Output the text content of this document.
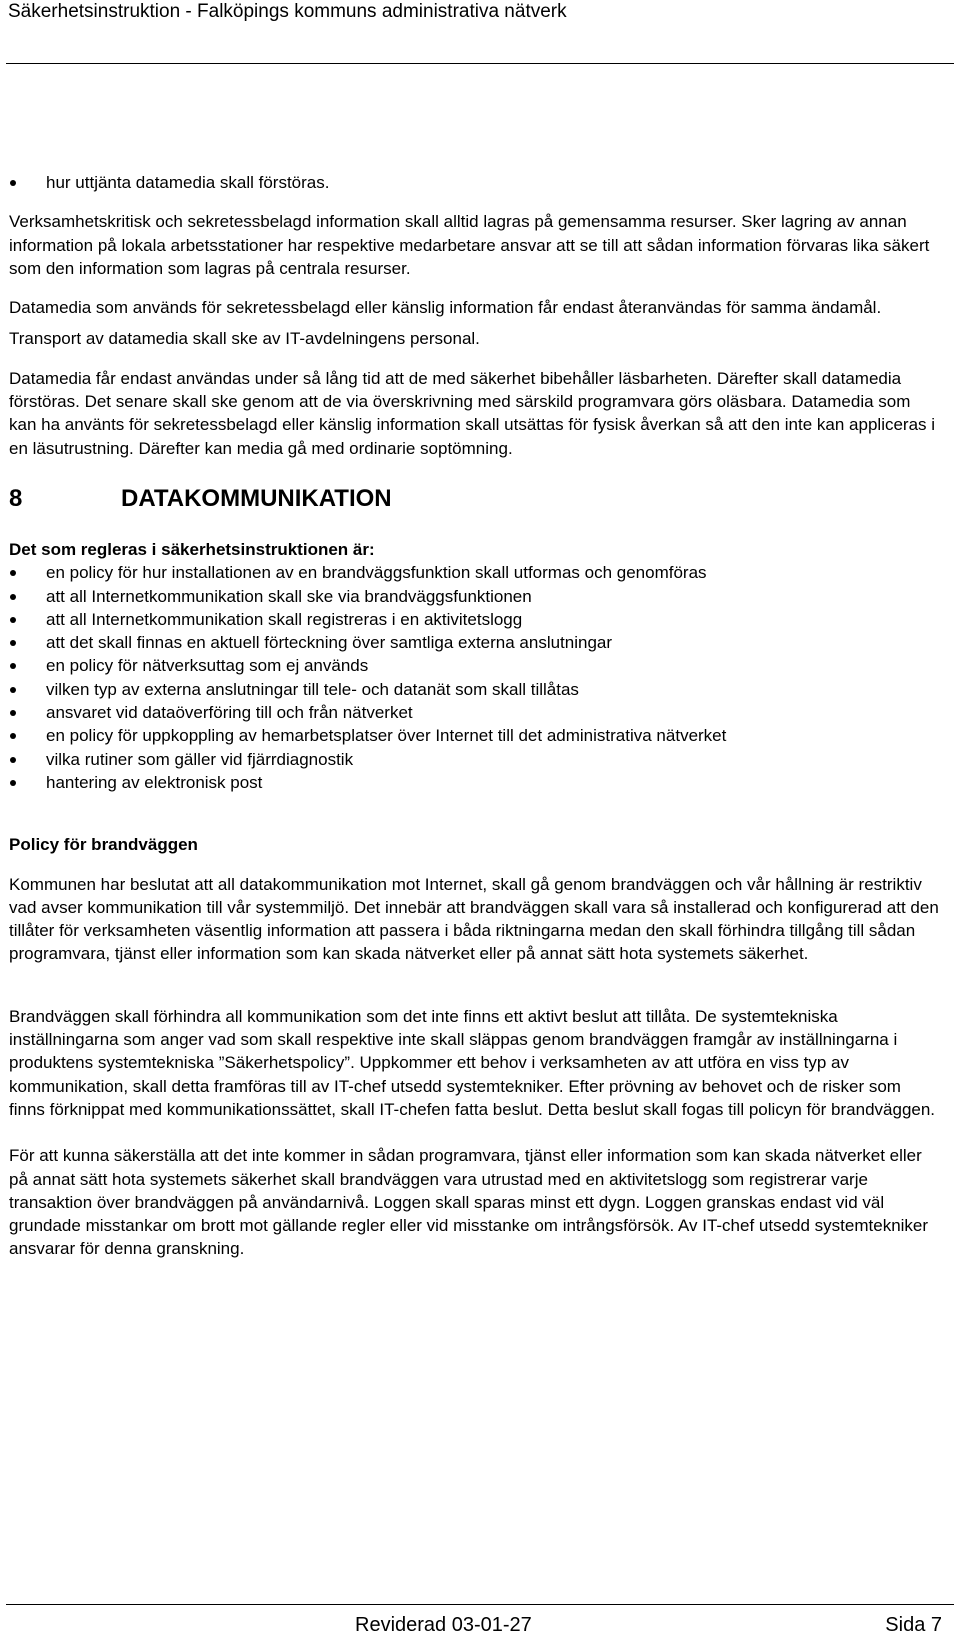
Säkerhetsinstruktion - Falköpings kommuns administrativa nätverk
hur uttjänta datamedia skall förstöras.

Verksamhetskritisk och sekretessbelagd information skall alltid lagras på gemensamma resurser. Sker lagring av annan information på lokala arbetsstationer har respektive medarbetare ansvar att se till att sådan information förvaras lika säkert som den information som lagras på centrala resurser.

Datamedia som används för sekretessbelagd eller känslig information får endast återanvändas för samma ändamål.

Transport av datamedia skall ske av IT-avdelningens personal.

Datamedia får endast användas under så lång tid att de med säkerhet bibehåller läsbarheten. Därefter skall datamedia förstöras. Det senare skall ske genom att de via överskrivning med särskild programvara görs oläsbara. Datamedia som kan ha använts för sekretessbelagd eller känslig information skall utsättas för fysisk åverkan så att den inte kan appliceras i en läsutrustning. Därefter kan media gå med ordinarie soptömning.

8	DATAKOMMUNIKATION

Det som regleras i säkerhetsinstruktionen är:

en policy för hur installationen av en brandväggsfunktion skall utformas och genomföras
att all Internetkommunikation skall ske via brandväggsfunktionen
att all Internetkommunikation skall registreras i en aktivitetslogg
att det skall finnas en aktuell förteckning över samtliga externa anslutningar
en policy för nätverksuttag som ej används
vilken typ av externa anslutningar till tele- och datanät som skall tillåtas
ansvaret vid dataöverföring till och från nätverket
en policy för uppkoppling av hemarbetsplatser över Internet till det administrativa nätverket
vilka rutiner som gäller vid fjärrdiagnostik
hantering av elektronisk post

Policy för brandväggen

Kommunen har beslutat att all datakommunikation mot Internet, skall gå genom brandväggen och vår hållning är restriktiv vad avser kommunikation till vår systemmiljö. Det innebär att brandväggen skall vara så installerad och konfigurerad att den tillåter för verksamheten väsentlig information att passera i båda riktningarna medan den skall förhindra tillgång till sådan programvara, tjänst eller information som kan skada nätverket eller på annat sätt hota systemets säkerhet.

Brandväggen skall förhindra all kommunikation som det inte finns ett aktivt beslut att tillåta. De systemtekniska inställningarna som anger vad som skall respektive inte skall släppas genom brandväggen framgår av inställningarna i produktens systemtekniska ”Säkerhetspolicy”. Uppkommer ett behov i verksamheten av att utföra en viss typ av kommunikation, skall detta framföras till av IT-chef utsedd systemtekniker. Efter prövning av behovet och de risker som finns förknippat med kommunikationssättet, skall IT-chefen fatta beslut. Detta beslut skall fogas till policyn för brandväggen.

För att kunna säkerställa att det inte kommer in sådan programvara, tjänst eller information som kan skada nätverket eller på annat sätt hota systemets säkerhet skall brandväggen vara utrustad med en aktivitetslogg som registrerar varje transaktion över brandväggen på användarnivå. Loggen skall sparas minst ett dygn. Loggen granskas endast vid väl grundade misstankar om brott mot gällande regler eller vid misstanke om intrångsförsök. Av IT-chef utsedd systemtekniker ansvarar för denna granskning.

Reviderad 03-01-27	Sida 7
